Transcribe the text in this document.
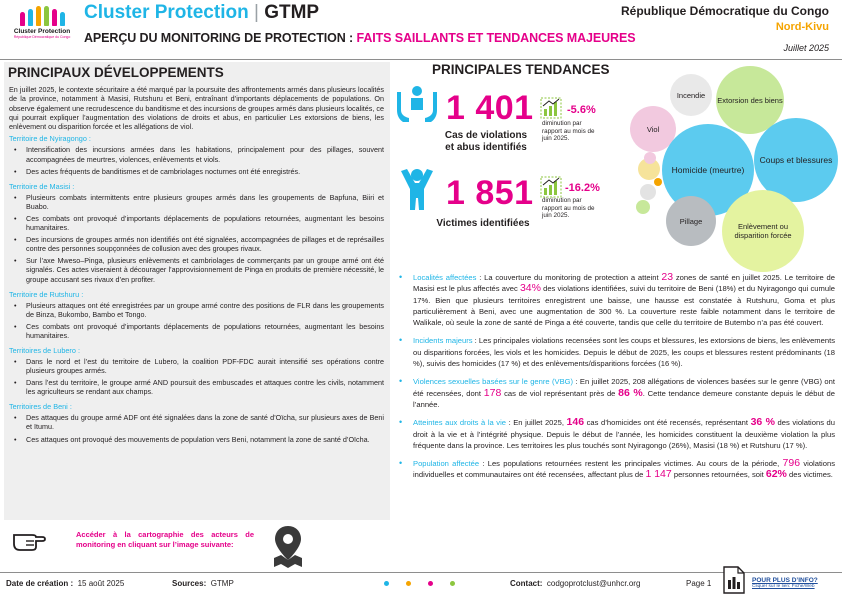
Cluster Protection
République Démocratique du Congo
Cluster Protection | GTMP
APERÇU DU MONITORING DE PROTECTION : FAITS SAILLANTS ET TENDANCES MAJEURES
République Démocratique du Congo
Nord-Kivu
Juillet 2025
PRINCIPAUX DÉVELOPPEMENTS
En juillet 2025, le contexte sécuritaire a été marqué par la poursuite des affrontements armés dans plusieurs localités de la province, notamment à Masisi, Rutshuru et Beni, entraînant d’importants déplacements de populations. On observe également une recrudescence du banditisme et des incursions de groupes armés dans plusieurs localités, ce qui pourrait expliquer l’augmentation des violations de droits et abus, en particulier Les extorsions de biens, les enlèvement ou disparition forcée et les allégations de viol.
Territoire de Nyiragongo :
• Intensification des incursions armées dans les habitations, principalement pour des pillages, souvent accompagnées de meurtres, violences, enlèvements et viols.
• Des actes fréquents de banditismes et de cambriolages nocturnes ont été enregistrés.
Territoire de Masisi :
• Plusieurs combats intermittents entre plusieurs groupes armés dans les groupements de Bapfuna, Biiri et Buabo.
• Ces combats ont provoqué d’importants déplacements de populations retournées, augmentant les besoins humanitaires.
• Des incursions de groupes armés non identifiés ont été signalées, accompagnées de pillages et de représailles contre des personnes soupçonnées de collusion avec des groupes rivaux.
• Sur l’axe Mweso–Pinga, plusieurs enlèvements et cambriolages de commerçants par un groupe armé ont été signalés. Ces actes viseraient à décourager l’approvisionnement de Pinga en produits de première nécessité, le groupe accusant ses rivaux d’en profiter.
Territoire de Rutshuru :
• Plusieurs attaques ont été enregistrées par un groupe armé contre des positions de FLR dans les groupements de Binza, Bukombo, Bambo et Tongo.
• Ces combats ont provoqué d’importants déplacements de populations retournées, augmentant les besoins humanitaires.
Territoires de Lubero :
• Dans le nord et l’est du territoire de Lubero, la coalition PDF-FDC aurait intensifié ses opérations contre plusieurs groupes armés.
• Dans l’est du territoire, le groupe armé AND poursuit des embuscades et attaques contre les civils, notamment les agriculteurs se rendant aux champs.
Territoires de Beni :
• Des attaques du groupe armé ADF ont été signalées dans la zone de santé d’Oïcha, sur plusieurs axes de Beni et Itumu.
• Ces attaques ont provoqué des mouvements de population vers Beni, notamment la zone de santé d’Oïcha.
Accéder à la cartographie des acteurs de monitoring en cliquant sur l’image suivante:
PRINCIPALES TENDANCES
1 401
Cas de violations
et abus identifiés
-5.6%
diminution par rapport au mois de juin 2025.
1 851
Victimes identifiées
-16.2%
diminution par rapport au mois de juin 2025.
Extorsion des biens
Incendie
Viol
Homicide (meurtre)
Coups et blessures
Pillage
Enlèvement ou disparition forcée
• Localités affectées : La couverture du monitoring de protection a atteint 23 zones de santé en juillet 2025. Le territoire de Masisi est le plus affectés avec 34% des violations identifiées, suivi du territoire de Beni (18%) et du Nyiragongo qui cumule 17%. Bien que plusieurs territoires enregistrent une baisse, une hausse est constatée à Rutshuru, Goma et plus particulièrement à Beni, avec une augmentation de 300 %. La couverture reste faible notamment dans le territoire de Walikale, où seule la zone de santé de Pinga a été couverte, tandis que celle du territoire de Butembo n’a pas été couvert.
• Incidents majeurs : Les principales violations recensées sont les coups et blessures, les extorsions de biens, les enlèvements ou disparitions forcées, les viols et les homicides. Depuis le début de 2025, les coups et blessures restent prédominants (18 %), suivis des homicides (17 %) et des enlèvements/disparitions forcées (16 %).
• Violences sexuelles basées sur le genre (VBG) : En juillet 2025, 208 allégations de violences basées sur le genre (VBG) ont été recensées, dont 178 cas de viol représentant près de 86 %. Cette tendance demeure constante depuis le début de l’année.
• Atteintes aux droits à la vie : En juillet 2025, 146 cas d’homicides ont été recensés, représentant 36 % des violations du droit à la vie et à l’intégrité physique. Depuis le début de l’année, les homicides constituent la deuxième violation la plus fréquente dans la province. Les territoires les plus touchés sont Nyiragongo (26%), Masisi (18 %) et Rutshuru (17 %).
• Population affectée : Les populations retournées restent les principales victimes. Au cours de la période, 796 violations individuelles et communautaires ont été recensées, affectant plus de 1 147 personnes retournées, soit 62% des victimes.
Date de création : 15 août 2025	Sources: GTMP	Contact: codgoprotclust@unhcr.org	Page 1	POUR PLUS D’INFO?
Cliquer sur le lien: Fiche/Web
